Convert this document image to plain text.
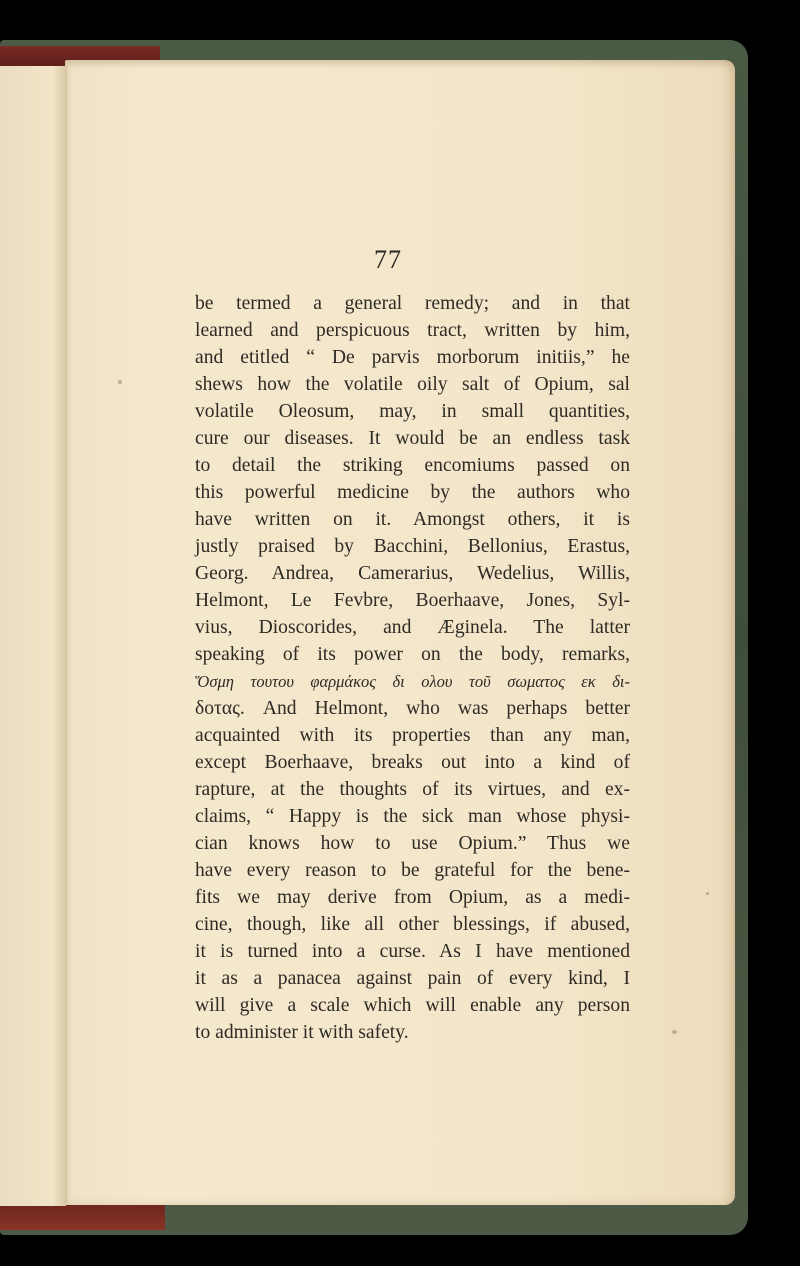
77
be termed a general remedy; and in that
learned and perspicuous tract, written by him,
and etitled “ De parvis morborum initiis,” he
shews how the volatile oily salt of Opium, sal
volatile Oleosum, may, in small quantities,
cure our diseases. It would be an endless task
to detail the striking encomiums passed on
this powerful medicine by the authors who
have written on it. Amongst others, it is
justly praised by Bacchini, Bellonius, Erastus,
Georg. Andrea, Camerarius, Wedelius, Willis,
Helmont, Le Fevbre, Boerhaave, Jones, Syl-
vius, Dioscorides, and Æginela. The latter
speaking of its power on the body, remarks,
Ὅσμη τουτου φαρμάκος δι ολου τοῦ σωματος εκ δι-
δοτας. And Helmont, who was perhaps better
acquainted with its properties than any man,
except Boerhaave, breaks out into a kind of
rapture, at the thoughts of its virtues, and ex-
claims, “ Happy is the sick man whose physi-
cian knows how to use Opium.” Thus we
have every reason to be grateful for the bene-
fits we may derive from Opium, as a medi-
cine, though, like all other blessings, if abused,
it is turned into a curse. As I have mentioned
it as a panacea against pain of every kind, I
will give a scale which will enable any person
to administer it with safety.
